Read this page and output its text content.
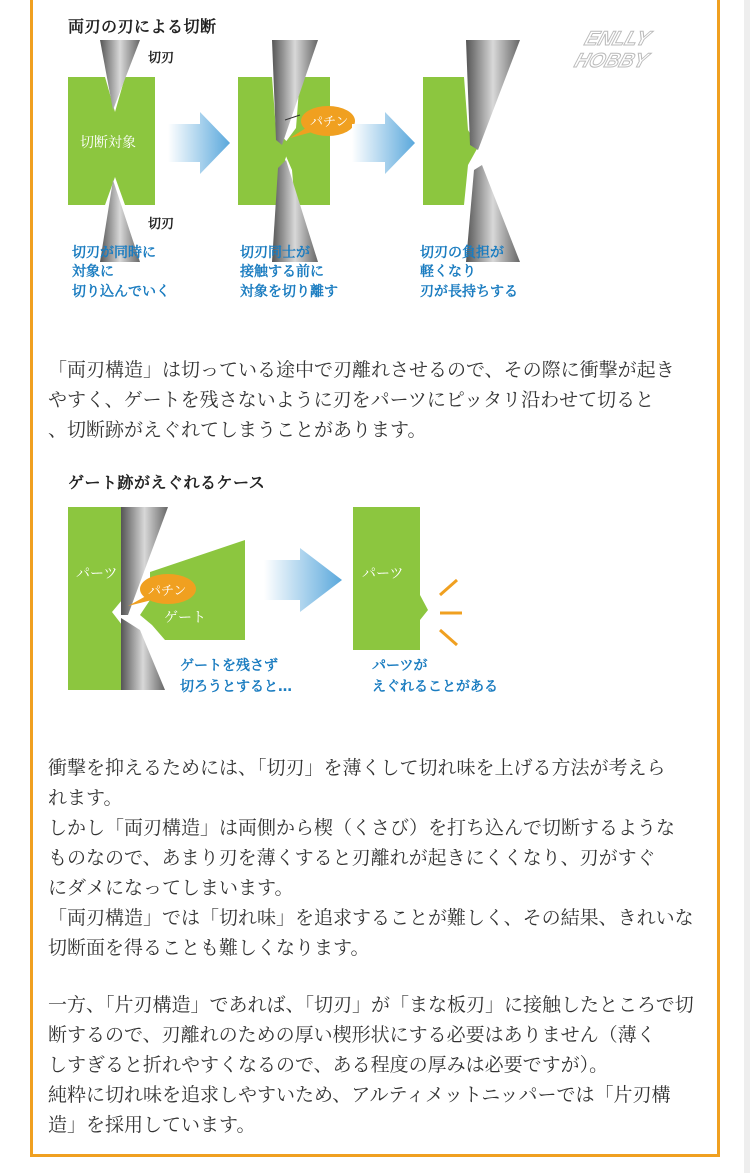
ENLLY
HOBBY
切刃
切刃
切断対象
パチン
切刃が同時に
対象に
切り込んでいく
切刃同士が
接触する前に
対象を切り離す
切刃の負担が
軽くなり
刃が長持ちする
パチン
パーツ
ゲート
パーツ
ゲートを残さず
切ろうとすると…
パーツが
えぐれることがある
両刃の刃による切断

「両刃構造」は切っている途中で刃離れさせるので、その際に衝撃が起き
やすく、ゲートを残さないように刃をパーツにピッタリ沿わせて切ると
、切断跡がえぐれてしまうことがあります。

ゲート跡がえぐれるケース

衝撃を抑えるためには、「切刃」を薄くして切れ味を上げる方法が考えら
れます。
しかし「両刃構造」は両側から楔（くさび）を打ち込んで切断するような
ものなので、あまり刃を薄くすると刃離れが起きにくくなり、刃がすぐ
にダメになってしまいます。
「両刃構造」では「切れ味」を追求することが難しく、その結果、きれいな
切断面を得ることも難しくなります。

一方、「片刃構造」であれば、「切刃」が「まな板刃」に接触したところで切
断するので、刃離れのための厚い楔形状にする必要はありません（薄く
しすぎると折れやすくなるので、ある程度の厚みは必要ですが）。
純粋に切れ味を追求しやすいため、アルティメットニッパーでは「片刃構
造」を採用しています。
